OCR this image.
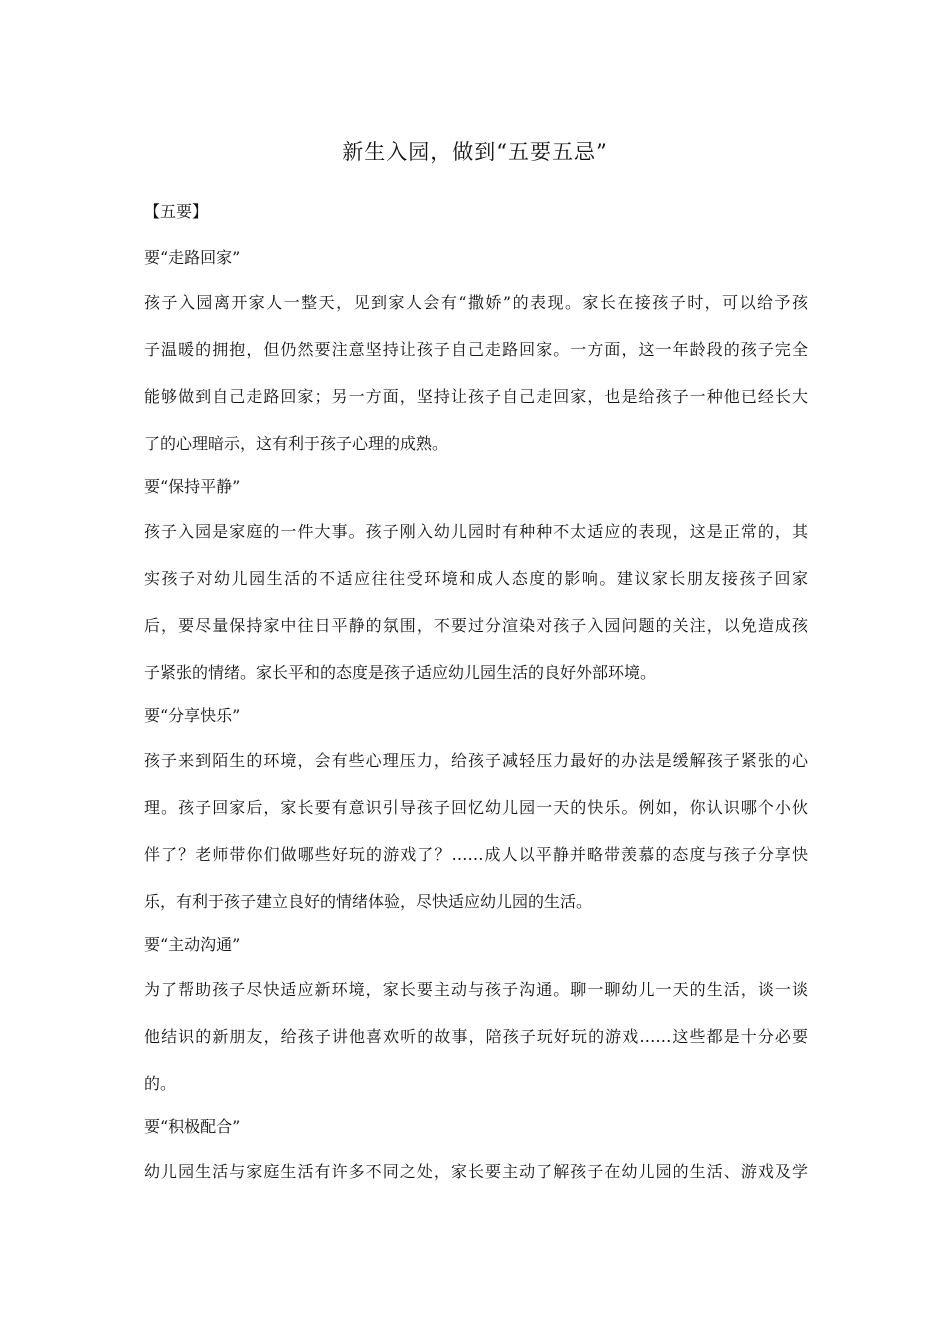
新生入园，做到“五要五忌”

【五要】

要“走路回家”

孩子入园离开家人一整天，见到家人会有“撒娇”的表现。家长在接孩子时，可以给予孩

子温暖的拥抱，但仍然要注意坚持让孩子自己走路回家。一方面，这一年龄段的孩子完全

能够做到自己走路回家；另一方面，坚持让孩子自己走回家，也是给孩子一种他已经长大

了的心理暗示，这有利于孩子心理的成熟。

要“保持平静”

孩子入园是家庭的一件大事。孩子刚入幼儿园时有种种不太适应的表现，这是正常的，其

实孩子对幼儿园生活的不适应往往受环境和成人态度的影响。建议家长朋友接孩子回家

后，要尽量保持家中往日平静的氛围，不要过分渲染对孩子入园问题的关注，以免造成孩

子紧张的情绪。家长平和的态度是孩子适应幼儿园生活的良好外部环境。

要“分享快乐”

孩子来到陌生的环境，会有些心理压力，给孩子减轻压力最好的办法是缓解孩子紧张的心

理。孩子回家后，家长要有意识引导孩子回忆幼儿园一天的快乐。例如，你认识哪个小伙

伴了？老师带你们做哪些好玩的游戏了？……成人以平静并略带羡慕的态度与孩子分享快

乐，有利于孩子建立良好的情绪体验，尽快适应幼儿园的生活。

要“主动沟通”

为了帮助孩子尽快适应新环境，家长要主动与孩子沟通。聊一聊幼儿一天的生活，谈一谈

他结识的新朋友，给孩子讲他喜欢听的故事，陪孩子玩好玩的游戏……这些都是十分必要

的。

要“积极配合”

幼儿园生活与家庭生活有许多不同之处，家长要主动了解孩子在幼儿园的生活、游戏及学
